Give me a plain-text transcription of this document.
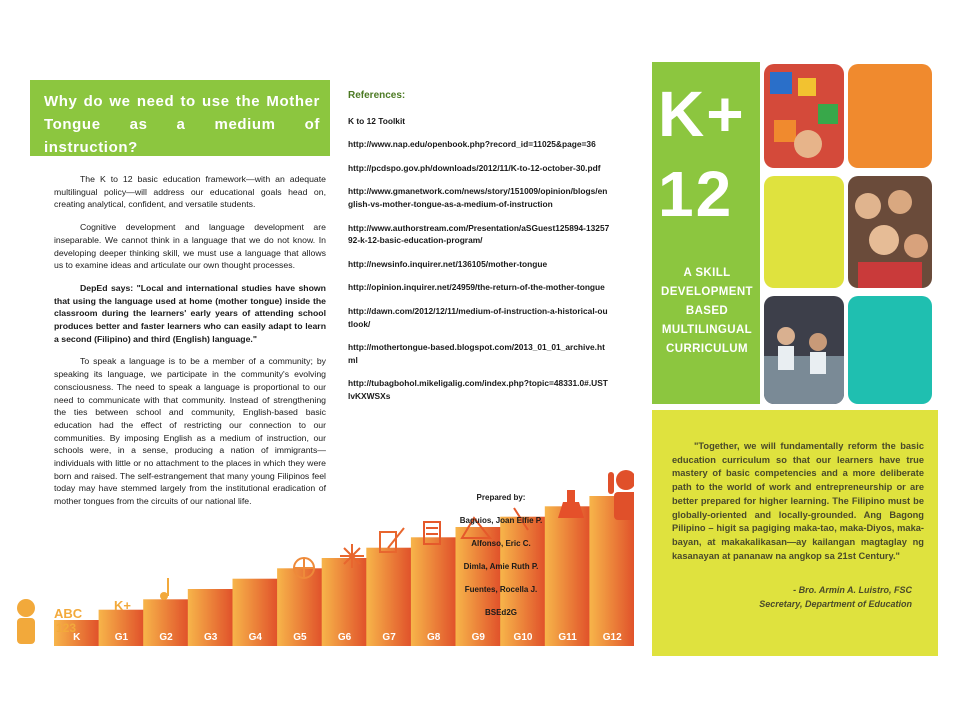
Why do we need to use the Mother Tongue as a medium of instruction?

The K to 12 basic education framework—with an adequate multilingual policy—will address our educational goals head on, creating analytical, confident, and versatile students.

Cognitive development and language development are inseparable. We cannot think in a language that we do not know. In developing deeper thinking skill, we must use a language that allows us to examine ideas and articulate our own thought processes.

DepEd says: "Local and international studies have shown that using the language used at home (mother tongue) inside the classroom during the learners' early years of attending school produces better and faster learners who can easily adapt to learn a second (Filipino) and third (English) language."

To speak a language is to be a member of a community; by speaking its language, we participate in the community's evolving consciousness. The need to speak a language is proportional to our need to communicate with that community. Instead of strengthening the ties between school and community, English-based basic education had the effect of restricting our connection to our communities. By imposing English as a medium of instruction, our schools were, in a sense, producing a nation of immigrants—individuals with little or no attachment to the places in which they were born and raised. The self-estrangement that many young Filipinos feel today may have stemmed largely from the institutional eradication of mother tongues from the circuits of our national life.

K	G1	G2	G3	G4	G5	G6	G7	G8	G9	G10	G11	G12
ABC
123
K+
References:
K to 12 Toolkit
http://www.nap.edu/openbook.php?record_id=11025&page=36
http://pcdspo.gov.ph/downloads/2012/11/K-to-12-october-30.pdf
http://www.gmanetwork.com/news/story/151009/opinion/blogs/english-vs-mother-tongue-as-a-medium-of-instruction
http://www.authorstream.com/Presentation/aSGuest125894-1325792-k-12-basic-education-program/
http://newsinfo.inquirer.net/136105/mother-tongue
http://opinion.inquirer.net/24959/the-return-of-the-mother-tongue
http://dawn.com/2012/12/11/medium-of-instruction-a-historical-outlook/
http://mothertongue-based.blogspot.com/2013_01_01_archive.html
http://tubagbohol.mikeligalig.com/index.php?topic=48331.0#.USTlvKXWSXs
Prepared by:
Baguios, Joan Elfie P.
Alfonso, Eric C.
Dimla, Amie Ruth P.
Fuentes, Rocella J.
BSEd2G
K+
12
A SKILL
DEVELOPMENT
BASED
MULTILINGUAL
CURRICULUM

"Together, we will fundamentally reform the basic education curriculum so that our learners have true mastery of basic competencies and a more deliberate path to the world of work and entrepreneurship or are better prepared for higher learning. The Filipino must be globally-oriented and locally-grounded. Ang Bagong Pilipino – higit sa pagiging maka-tao, maka-Diyos, maka-bayan, at makakalikasan—ay kailangan magtaglay ng kasanayan at pananaw na angkop sa 21st Century."

- Bro. Armin A. Luistro, FSC
Secretary, Department of Education
